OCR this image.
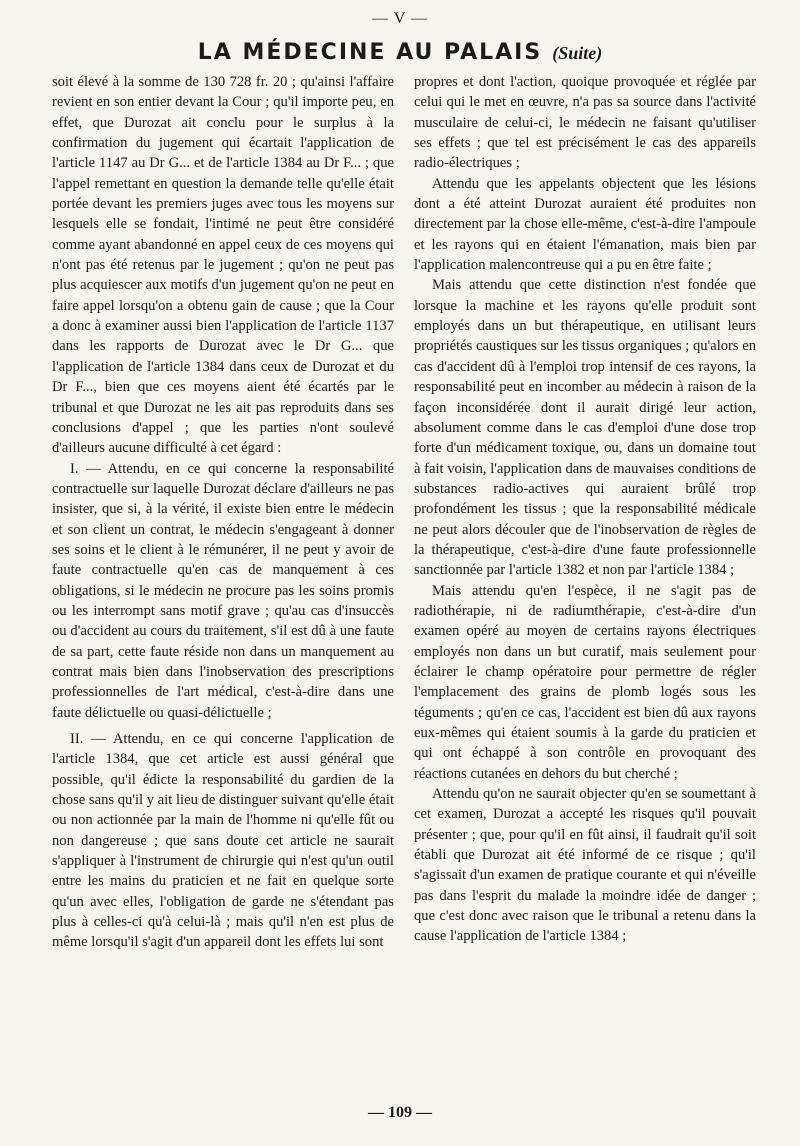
— V —
LA MÉDECINE AU PALAIS (Suite)

soit élevé à la somme de 130 728 fr. 20 ; qu'ainsi l'affaire revient en son entier devant la Cour ; qu'il importe peu, en effet, que Durozat ait conclu pour le surplus à la confirmation du jugement qui écartait l'application de l'article 1147 au Dr G... et de l'article 1384 au Dr F... ; que l'appel remettant en question la demande telle qu'elle était portée devant les premiers juges avec tous les moyens sur lesquels elle se fondait, l'intimé ne peut être considéré comme ayant abandonné en appel ceux de ces moyens qui n'ont pas été retenus par le jugement ; qu'on ne peut pas plus acquiescer aux motifs d'un jugement qu'on ne peut en faire appel lorsqu'on a obtenu gain de cause ; que la Cour a donc à examiner aussi bien l'application de l'article 1137 dans les rapports de Durozat avec le Dr G... que l'application de l'article 1384 dans ceux de Durozat et du Dr F..., bien que ces moyens aient été écartés par le tribunal et que Durozat ne les ait pas reproduits dans ses conclusions d'appel ; que les parties n'ont soulevé d'ailleurs aucune difficulté à cet égard :

I. — Attendu, en ce qui concerne la responsabilité contractuelle sur laquelle Durozat déclare d'ailleurs ne pas insister, que si, à la vérité, il existe bien entre le médecin et son client un contrat, le médecin s'engageant à donner ses soins et le client à le rémunérer, il ne peut y avoir de faute contractuelle qu'en cas de manquement à ces obligations, si le médecin ne procure pas les soins promis ou les interrompt sans motif grave ; qu'au cas d'insuccès ou d'accident au cours du traitement, s'il est dû à une faute de sa part, cette faute réside non dans un manquement au contrat mais bien dans l'inobservation des prescriptions professionnelles de l'art médical, c'est-à-dire dans une faute délictuelle ou quasi-délictuelle ;

II. — Attendu, en ce qui concerne l'application de l'article 1384, que cet article est aussi général que possible, qu'il édicte la responsabilité du gardien de la chose sans qu'il y ait lieu de distinguer suivant qu'elle était ou non actionnée par la main de l'homme ni qu'elle fût ou non dangereuse ; que sans doute cet article ne saurait s'appliquer à l'instrument de chirurgie qui n'est qu'un outil entre les mains du praticien et ne fait en quelque sorte qu'un avec elles, l'obligation de garde ne s'étendant pas plus à celles-ci qu'à celui-là ; mais qu'il n'en est plus de même lorsqu'il s'agit d'un appareil dont les effets lui sont

propres et dont l'action, quoique provoquée et réglée par celui qui le met en œuvre, n'a pas sa source dans l'activité musculaire de celui-ci, le médecin ne faisant qu'utiliser ses effets ; que tel est précisément le cas des appareils radio-électriques ;

Attendu que les appelants objectent que les lésions dont a été atteint Durozat auraient été produites non directement par la chose elle-même, c'est-à-dire l'ampoule et les rayons qui en étaient l'émanation, mais bien par l'application malencontreuse qui a pu en être faite ;

Mais attendu que cette distinction n'est fondée que lorsque la machine et les rayons qu'elle produit sont employés dans un but thérapeutique, en utilisant leurs propriétés caustiques sur les tissus organiques ; qu'alors en cas d'accident dû à l'emploi trop intensif de ces rayons, la responsabilité peut en incomber au médecin à raison de la façon inconsidérée dont il aurait dirigé leur action, absolument comme dans le cas d'emploi d'une dose trop forte d'un médicament toxique, ou, dans un domaine tout à fait voisin, l'application dans de mauvaises conditions de substances radio-actives qui auraient brûlé trop profondément les tissus ; que la responsabilité médicale ne peut alors découler que de l'inobservation de règles de la thérapeutique, c'est-à-dire d'une faute professionnelle sanctionnée par l'article 1382 et non par l'article 1384 ;

Mais attendu qu'en l'espèce, il ne s'agit pas de radiothérapie, ni de radiumthérapie, c'est-à-dire d'un examen opéré au moyen de certains rayons électriques employés non dans un but curatif, mais seulement pour éclairer le champ opératoire pour permettre de régler l'emplacement des grains de plomb logés sous les téguments ; qu'en ce cas, l'accident est bien dû aux rayons eux-mêmes qui étaient soumis à la garde du praticien et qui ont échappé à son contrôle en provoquant des réactions cutanées en dehors du but cherché ;

Attendu qu'on ne saurait objecter qu'en se soumettant à cet examen, Durozat a accepté les risques qu'il pouvait présenter ; que, pour qu'il en fût ainsi, il faudrait qu'il soit établi que Durozat ait été informé de ce risque ; qu'il s'agissait d'un examen de pratique courante et qui n'éveille pas dans l'esprit du malade la moindre idée de danger ; que c'est donc avec raison que le tribunal a retenu dans la cause l'application de l'article 1384 ;

— 109 —
